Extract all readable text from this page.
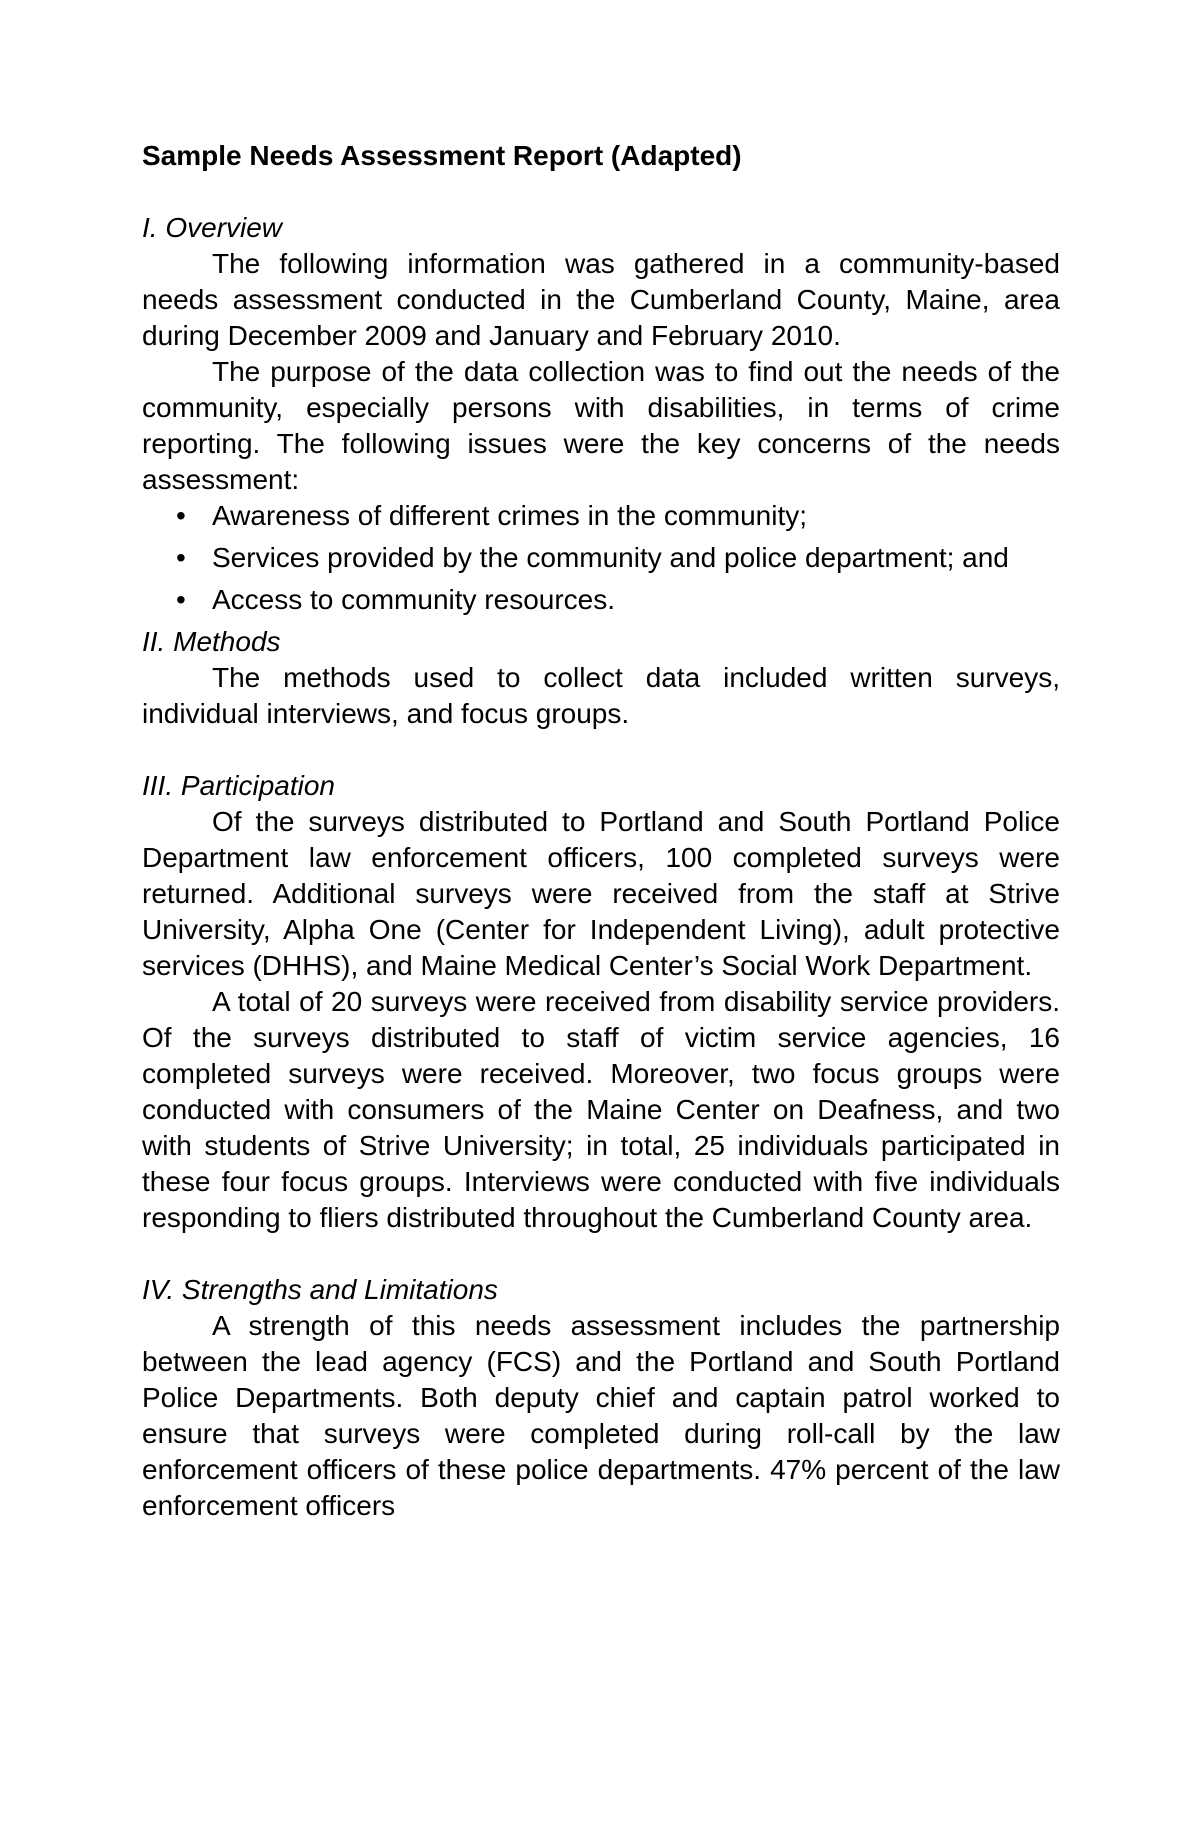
Sample Needs Assessment Report (Adapted)

I. Overview

The following information was gathered in a community-based needs assessment conducted in the Cumberland County, Maine, area during December 2009 and January and February 2010.

The purpose of the data collection was to find out the needs of the community, especially persons with disabilities, in terms of crime reporting. The following issues were the key concerns of the needs assessment:

• Awareness of different crimes in the community;
• Services provided by the community and police department; and
• Access to community resources.

II. Methods

The methods used to collect data included written surveys, individual interviews, and focus groups.

III. Participation

Of the surveys distributed to Portland and South Portland Police Department law enforcement officers, 100 completed surveys were returned. Additional surveys were received from the staff at Strive University, Alpha One (Center for Independent Living), adult protective services (DHHS), and Maine Medical Center’s Social Work Department.

A total of 20 surveys were received from disability service providers. Of the surveys distributed to staff of victim service agencies, 16 completed surveys were received. Moreover, two focus groups were conducted with consumers of the Maine Center on Deafness, and two with students of Strive University; in total, 25 individuals participated in these four focus groups. Interviews were conducted with five individuals responding to fliers distributed throughout the Cumberland County area.

IV. Strengths and Limitations

A strength of this needs assessment includes the partnership between the lead agency (FCS) and the Portland and South Portland Police Departments. Both deputy chief and captain patrol worked to ensure that surveys were completed during roll-call by the law enforcement officers of these police departments. 47% percent of the law enforcement officers
